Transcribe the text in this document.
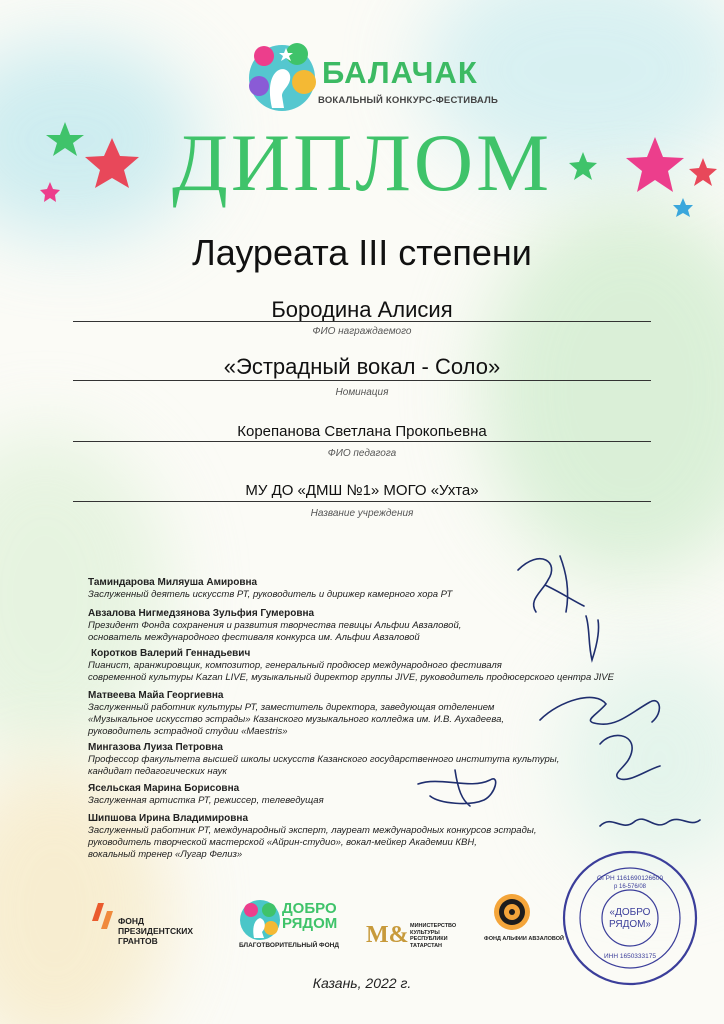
БАЛАЧАК
ВОКАЛЬНЫЙ КОНКУРС-ФЕСТИВАЛЬ
ДИПЛОМ
Лауреата III степени
Бородина Алисия
ФИО награждаемого
«Эстрадный вокал - Соло»
Номинация
Корепанова Светлана Прокопьевна
ФИО педагога
МУ ДО «ДМШ №1» МОГО «Ухта»
Название учреждения
Таминдарова Миляуша Амировна
Заслуженный деятель искусств РТ, руководитель и дирижер камерного хора РТ
Авзалова Нигмедзянова Зульфия Гумеровна
Президент Фонда сохранения и развития творчества певицы Альфии Авзаловой,
основатель международного фестиваля конкурса им. Альфии Авзаловой
Коротков Валерий Геннадьевич
Пианист, аранжировщик, композитор, генеральный продюсер международного фестиваля
современной культуры Kazan LIVE, музыкальный директор группы JIVE, руководитель продюсерского центра JIVE
Матвеева Майа Георгиевна
Заслуженный работник культуры РТ, заместитель директора, заведующая отделением
«Музыкальное искусство эстрады» Казанского музыкального колледжа им. И.В. Аухадеева,
руководитель эстрадной студии «Maestris»
Мингазова Луиза Петровна
Профессор факультета высшей школы искусств Казанского государственного института культуры,
кандидат педагогических наук
Ясельская Марина Борисовна
Заслуженная артистка РТ, режиссер, телеведущая
Шипшова Ирина Владимировна
Заслуженный работник РТ, международный эксперт, лауреат международных конкурсов эстрады,
руководитель творческой мастерской «Айрин-студио», вокал-мейкер Академии КВН,
вокальный тренер «Лугар Фелиз»
«ДОБРО
РЯДОМ»
ОГРН 1161690126600
р 16-576/08
ИНН 1650333175
ФОНД
ПРЕЗИДЕНТСКИХ
ГРАНТОВ
ДОБРО
РЯДОМ
БЛАГОТВОРИТЕЛЬНЫЙ ФОНД M& МИНИСТЕРСТВО
КУЛЬТУРЫ
РЕСПУБЛИКИ
ТАТАРСТАН
ФОНД АЛЬФИИ АВЗАЛОВОЙ
Казань, 2022 г.
